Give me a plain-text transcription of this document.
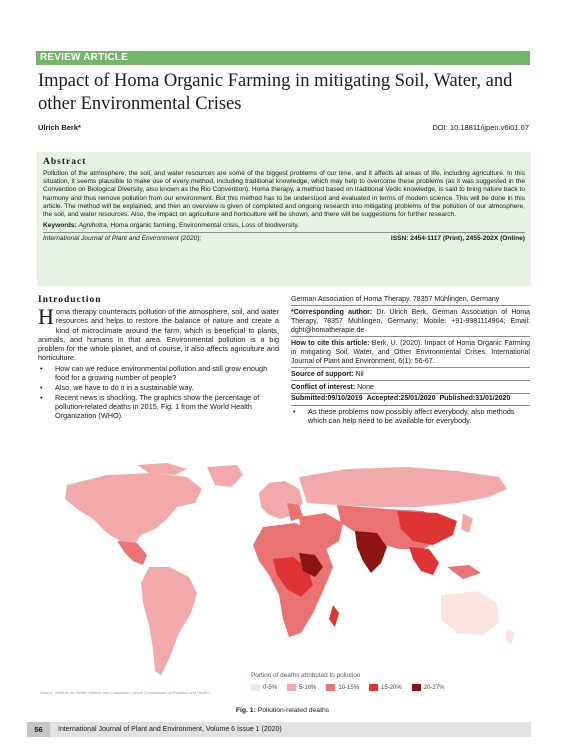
REVIEW ARTICLE
Impact of Homa Organic Farming in mitigating Soil, Water, and other Environmental Crises
Ulrich Berk*	DOI: 10.18811/ijpen.v6i01.07
Abstract
Pollution of the atmosphere, the soil, and water resources are some of the biggest problems of our time, and it affects all areas of life, including agriculture. In this situation, it seems plausible to make use of every method, including traditional knowledge, which may help to overcome these problems (as it was suggested in the Convention on Biological Diversity, also known as the Rio Convention). Homa therapy, a method based on traditional Vedic knowledge, is said to bring nature back to harmony and thus remove pollution from our environment. But this method has to be understood and evaluated in terms of modern science. This will be done in this article. The method will be explained, and then an overview is given of completed and ongoing research into mitigating problems of the pollution of our atmosphere, the soil, and water resources. Also, the impact on agriculture and horticulture will be shown, and there will be suggestions for further research.
Keywords: Agnihotra, Homa organic farming, Environmental crisis, Loss of biodiversity.
International Journal of Plant and Environment (2020);	ISSN: 2454-1117 (Print), 2455-202X (Online)
Introduction
Homa therapy counteracts pollution of the atmosphere, soil, and water resources and helps to restore the balance of nature and create a kind of microclimate around the farm, which is beneficial to plants, animals, and humans in that area. Environmental pollution is a big problem for the whole planet, and of course, it also affects agriculture and horticulture.
• How can we reduce environmental pollution and still grow enough food for a growing number of people?
• Also, we have to do it in a sustainable way.
• Recent news is shocking. The graphics show the percentage of pollution-related deaths in 2015, Fig. 1 from the World Health Organization (WHO).
German Association of Homa Therapy, 78357 Mühlingen, Germany
*Corresponding author: Dr. Ulrich Berk, German Association of Homa Therapy, 78357 Mühlingen, Germany; Mobile: +91-9981114904; Email: dght@homatherapie.de
How to cite this article: Berk, U. (2020). Impact of Homa Organic Farming in mitigating Soil, Water, and Other Environmental Crises. International Journal of Plant and Environment, 6(1): 56-67.
Source of support: Nil
Conflict of interest: None
Submitted:09/10/2019 Accepted:25/01/2020 Published:31/01/2020
• As these problems now possibly affect everybody, also methods which can help need to be available for everybody.
Portion of deaths attributed to pollution
0-5%	5-10%	10-15%	15-20%	20-27%
Source: Institute for Health Metrics and Evaluation, Lancet Commission on Pollution and Health
Fig. 1: Pollution-related deaths
56	International Journal of Plant and Environment, Volume 6 Issue 1 (2020)
